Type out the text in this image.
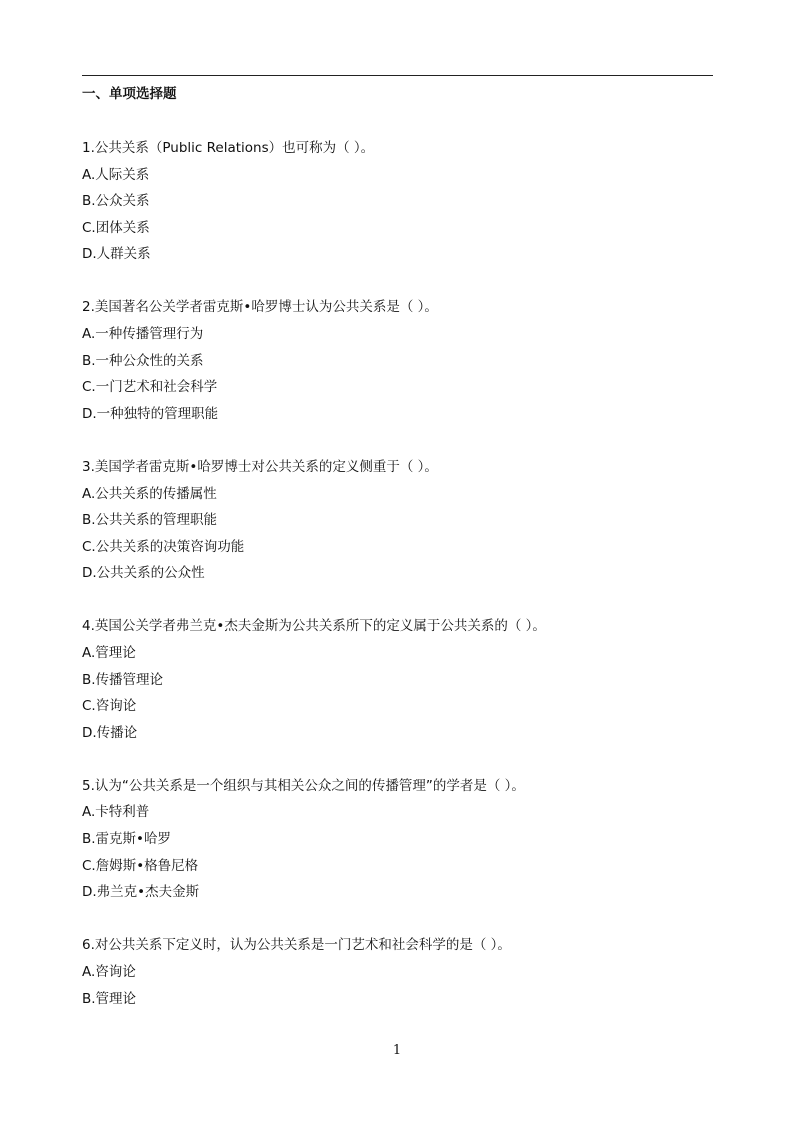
一、单项选择题
1.公共关系（Public Relations）也可称为（ ）。
A.人际关系
B.公众关系
C.团体关系
D.人群关系
2.美国著名公关学者雷克斯•哈罗博士认为公共关系是（ ）。
A.一种传播管理行为
B.一种公众性的关系
C.一门艺术和社会科学
D.一种独特的管理职能
3.美国学者雷克斯•哈罗博士对公共关系的定义侧重于（ ）。
A.公共关系的传播属性
B.公共关系的管理职能
C.公共关系的决策咨询功能
D.公共关系的公众性
4.英国公关学者弗兰克•杰夫金斯为公共关系所下的定义属于公共关系的（ ）。
A.管理论
B.传播管理论
C.咨询论
D.传播论
5.认为“公共关系是一个组织与其相关公众之间的传播管理”的学者是（ ）。
A.卡特利普
B.雷克斯•哈罗
C.詹姆斯•格鲁尼格
D.弗兰克•杰夫金斯
6.对公共关系下定义时，认为公共关系是一门艺术和社会科学的是（ ）。
A.咨询论
B.管理论
1
